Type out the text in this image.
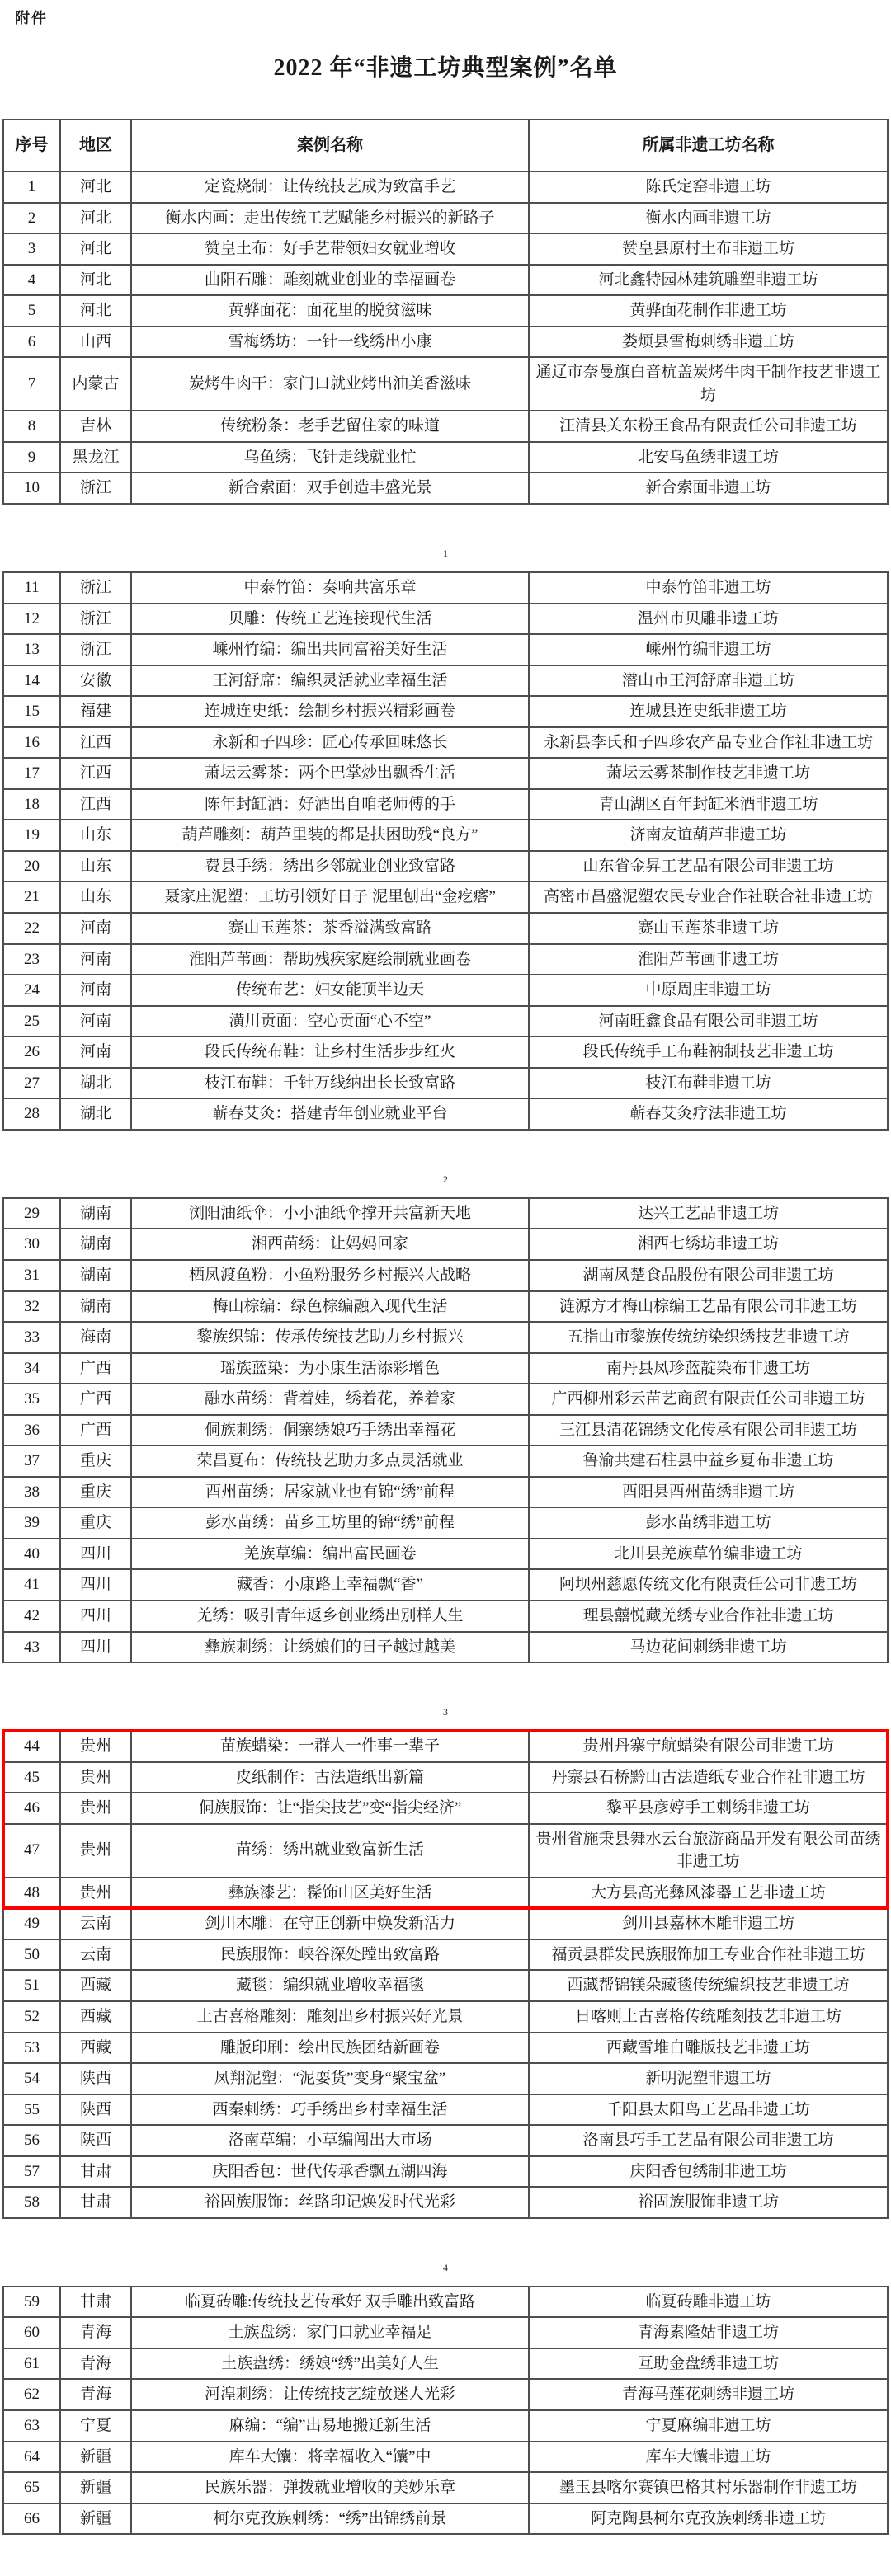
附件
2022 年“非遗工坊典型案例”名单
序号	地区	案例名称	所属非遗工坊名称
1	河北	定瓷烧制：让传统技艺成为致富手艺	陈氏定窑非遗工坊
2	河北	衡水内画：走出传统工艺赋能乡村振兴的新路子	衡水内画非遗工坊
3	河北	赞皇土布：好手艺带领妇女就业增收	赞皇县原村土布非遗工坊
4	河北	曲阳石雕：雕刻就业创业的幸福画卷	河北鑫特园林建筑雕塑非遗工坊
5	河北	黄骅面花：面花里的脱贫滋味	黄骅面花制作非遗工坊
6	山西	雪梅绣坊：一针一线绣出小康	娄烦县雪梅刺绣非遗工坊
7	内蒙古	炭烤牛肉干：家门口就业烤出油美香滋味	通辽市奈曼旗白音杭盖炭烤牛肉干制作技艺非遗工坊
8	吉林	传统粉条：老手艺留住家的味道	汪清县关东粉王食品有限责任公司非遗工坊
9	黑龙江	乌鱼绣：飞针走线就业忙	北安乌鱼绣非遗工坊
10	浙江	新合索面：双手创造丰盛光景	新合索面非遗工坊
1
11	浙江	中泰竹笛：奏响共富乐章	中泰竹笛非遗工坊
12	浙江	贝雕：传统工艺连接现代生活	温州市贝雕非遗工坊
13	浙江	嵊州竹编：编出共同富裕美好生活	嵊州竹编非遗工坊
14	安徽	王河舒席：编织灵活就业幸福生活	潜山市王河舒席非遗工坊
15	福建	连城连史纸：绘制乡村振兴精彩画卷	连城县连史纸非遗工坊
16	江西	永新和子四珍：匠心传承回味悠长	永新县李氏和子四珍农产品专业合作社非遗工坊
17	江西	萧坛云雾茶：两个巴掌炒出飘香生活	萧坛云雾茶制作技艺非遗工坊
18	江西	陈年封缸酒：好酒出自咱老师傅的手	青山湖区百年封缸米酒非遗工坊
19	山东	葫芦雕刻：葫芦里装的都是扶困助残“良方”	济南友谊葫芦非遗工坊
20	山东	费县手绣：绣出乡邻就业创业致富路	山东省金昇工艺品有限公司非遗工坊
21	山东	聂家庄泥塑：工坊引领好日子 泥里刨出“金疙瘩”	高密市昌盛泥塑农民专业合作社联合社非遗工坊
22	河南	赛山玉莲茶：茶香溢满致富路	赛山玉莲茶非遗工坊
23	河南	淮阳芦苇画：帮助残疾家庭绘制就业画卷	淮阳芦苇画非遗工坊
24	河南	传统布艺：妇女能顶半边天	中原周庄非遗工坊
25	河南	潢川贡面：空心贡面“心不空”	河南旺鑫食品有限公司非遗工坊
26	河南	段氏传统布鞋：让乡村生活步步红火	段氏传统手工布鞋衲制技艺非遗工坊
27	湖北	枝江布鞋：千针万线纳出长长致富路	枝江布鞋非遗工坊
28	湖北	蕲春艾灸：搭建青年创业就业平台	蕲春艾灸疗法非遗工坊
2
29	湖南	浏阳油纸伞：小小油纸伞撑开共富新天地	达兴工艺品非遗工坊
30	湖南	湘西苗绣：让妈妈回家	湘西七绣坊非遗工坊
31	湖南	栖凤渡鱼粉：小鱼粉服务乡村振兴大战略	湖南凤楚食品股份有限公司非遗工坊
32	湖南	梅山棕编：绿色棕编融入现代生活	涟源方才梅山棕编工艺品有限公司非遗工坊
33	海南	黎族织锦：传承传统技艺助力乡村振兴	五指山市黎族传统纺染织绣技艺非遗工坊
34	广西	瑶族蓝染：为小康生活添彩增色	南丹县凤珍蓝靛染布非遗工坊
35	广西	融水苗绣：背着娃，绣着花，养着家	广西柳州彩云苗艺商贸有限责任公司非遗工坊
36	广西	侗族刺绣：侗寨绣娘巧手绣出幸福花	三江县清花锦绣文化传承有限公司非遗工坊
37	重庆	荣昌夏布：传统技艺助力多点灵活就业	鲁渝共建石柱县中益乡夏布非遗工坊
38	重庆	酉州苗绣：居家就业也有锦“绣”前程	酉阳县酉州苗绣非遗工坊
39	重庆	彭水苗绣：苗乡工坊里的锦“绣”前程	彭水苗绣非遗工坊
40	四川	羌族草编：编出富民画卷	北川县羌族草竹编非遗工坊
41	四川	藏香：小康路上幸福飘“香”	阿坝州慈愿传统文化有限责任公司非遗工坊
42	四川	羌绣：吸引青年返乡创业绣出别样人生	理县囍悦藏羌绣专业合作社非遗工坊
43	四川	彝族刺绣：让绣娘们的日子越过越美	马边花间刺绣非遗工坊
3
44	贵州	苗族蜡染：一群人一件事一辈子	贵州丹寨宁航蜡染有限公司非遗工坊
45	贵州	皮纸制作：古法造纸出新篇	丹寨县石桥黔山古法造纸专业合作社非遗工坊
46	贵州	侗族服饰：让“指尖技艺”变“指尖经济”	黎平县彦婷手工刺绣非遗工坊
47	贵州	苗绣：绣出就业致富新生活	贵州省施秉县舞水云台旅游商品开发有限公司苗绣非遗工坊
48	贵州	彝族漆艺：髹饰山区美好生活	大方县高光彝风漆器工艺非遗工坊
49	云南	剑川木雕：在守正创新中焕发新活力	剑川县嘉林木雕非遗工坊
50	云南	民族服饰：峡谷深处蹚出致富路	福贡县群发民族服饰加工专业合作社非遗工坊
51	西藏	藏毯：编织就业增收幸福毯	西藏帮锦镁朵藏毯传统编织技艺非遗工坊
52	西藏	土古喜格雕刻：雕刻出乡村振兴好光景	日喀则土古喜格传统雕刻技艺非遗工坊
53	西藏	雕版印刷：绘出民族团结新画卷	西藏雪堆白雕版技艺非遗工坊
54	陕西	凤翔泥塑：“泥耍货”变身“聚宝盆”	新明泥塑非遗工坊
55	陕西	西秦刺绣：巧手绣出乡村幸福生活	千阳县太阳鸟工艺品非遗工坊
56	陕西	洛南草编：小草编闯出大市场	洛南县巧手工艺品有限公司非遗工坊
57	甘肃	庆阳香包：世代传承香飘五湖四海	庆阳香包绣制非遗工坊
58	甘肃	裕固族服饰：丝路印记焕发时代光彩	裕固族服饰非遗工坊
4
59	甘肃	临夏砖雕:传统技艺传承好 双手雕出致富路	临夏砖雕非遗工坊
60	青海	土族盘绣：家门口就业幸福足	青海素隆姑非遗工坊
61	青海	土族盘绣：绣娘“绣”出美好人生	互助金盘绣非遗工坊
62	青海	河湟刺绣：让传统技艺绽放迷人光彩	青海马莲花刺绣非遗工坊
63	宁夏	麻编：“编”出易地搬迁新生活	宁夏麻编非遗工坊
64	新疆	库车大馕：将幸福收入“馕”中	库车大馕非遗工坊
65	新疆	民族乐器：弹拨就业增收的美妙乐章	墨玉县喀尔赛镇巴格其村乐器制作非遗工坊
66	新疆	柯尔克孜族刺绣：“绣”出锦绣前景	阿克陶县柯尔克孜族刺绣非遗工坊
